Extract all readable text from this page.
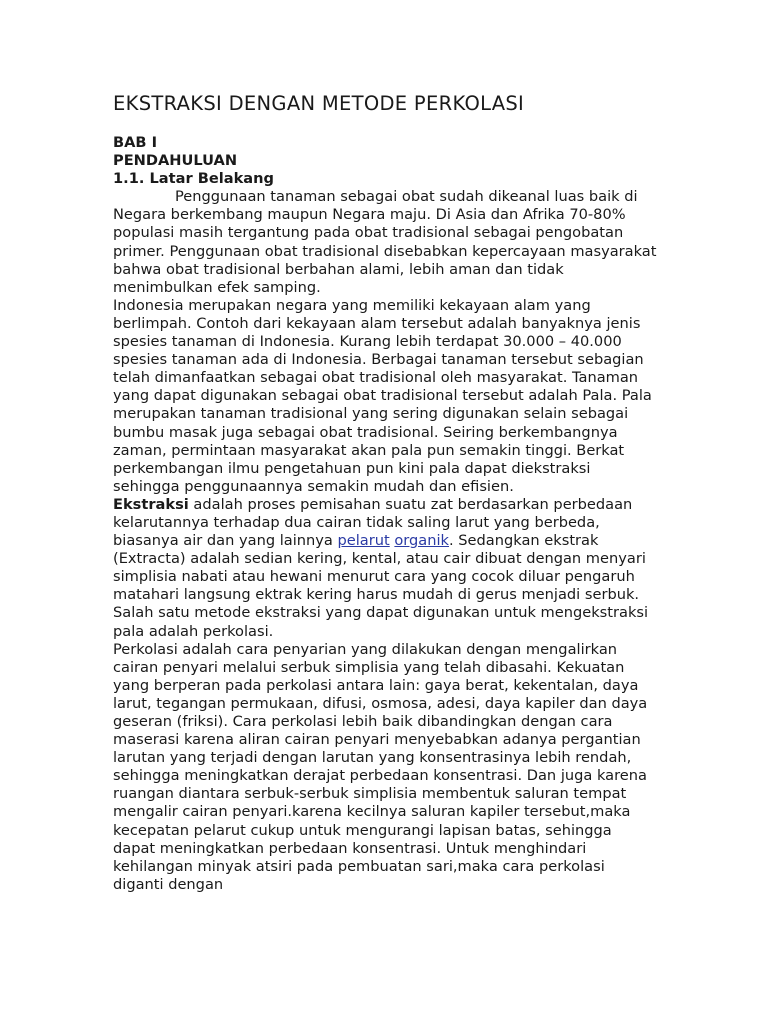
EKSTRAKSI DENGAN METODE PERKOLASI
BAB I
PENDAHULUAN
1.1. Latar Belakang

Penggunaan tanaman sebagai obat sudah dikeanal luas baik di Negara berkembang maupun Negara maju. Di Asia dan Afrika 70-80% populasi masih tergantung pada obat tradisional sebagai pengobatan primer. Penggunaan obat tradisional disebabkan kepercayaan masyarakat bahwa obat tradisional berbahan alami, lebih aman dan tidak menimbulkan efek samping.

Indonesia merupakan negara yang memiliki kekayaan alam yang berlimpah. Contoh dari kekayaan alam tersebut adalah banyaknya jenis spesies tanaman di Indonesia. Kurang lebih terdapat 30.000 – 40.000 spesies tanaman ada di Indonesia. Berbagai tanaman tersebut sebagian telah dimanfaatkan sebagai obat tradisional oleh masyarakat. Tanaman yang dapat digunakan sebagai obat tradisional tersebut adalah Pala. Pala merupakan tanaman tradisional yang sering digunakan selain sebagai bumbu masak juga sebagai obat tradisional. Seiring berkembangnya zaman, permintaan masyarakat akan pala pun semakin tinggi. Berkat perkembangan ilmu pengetahuan pun kini pala dapat diekstraksi sehingga penggunaannya semakin mudah dan efisien.

Ekstraksi adalah proses pemisahan suatu zat berdasarkan perbedaan kelarutannya terhadap dua cairan tidak saling larut yang berbeda, biasanya air dan yang lainnya pelarut organik. Sedangkan ekstrak (Extracta) adalah sedian kering, kental, atau cair dibuat dengan menyari simplisia nabati atau hewani menurut cara yang cocok diluar pengaruh matahari langsung ektrak kering harus mudah di gerus menjadi serbuk. Salah satu metode ekstraksi yang dapat digunakan untuk mengekstraksi pala adalah perkolasi.

Perkolasi adalah cara penyarian yang dilakukan dengan mengalirkan cairan penyari melalui serbuk simplisia yang telah dibasahi. Kekuatan yang berperan pada perkolasi antara lain: gaya berat, kekentalan, daya larut, tegangan permukaan, difusi, osmosa, adesi, daya kapiler dan daya geseran (friksi). Cara perkolasi lebih baik dibandingkan dengan cara maserasi karena aliran cairan penyari menyebabkan adanya pergantian larutan yang terjadi dengan larutan yang konsentrasinya lebih rendah, sehingga meningkatkan derajat perbedaan konsentrasi. Dan juga karena ruangan diantara serbuk-serbuk simplisia membentuk saluran tempat mengalir cairan penyari.karena kecilnya saluran kapiler tersebut,maka kecepatan pelarut cukup untuk mengurangi lapisan batas, sehingga dapat meningkatkan perbedaan konsentrasi. Untuk menghindari kehilangan minyak atsiri pada pembuatan sari,maka cara perkolasi diganti dengan
